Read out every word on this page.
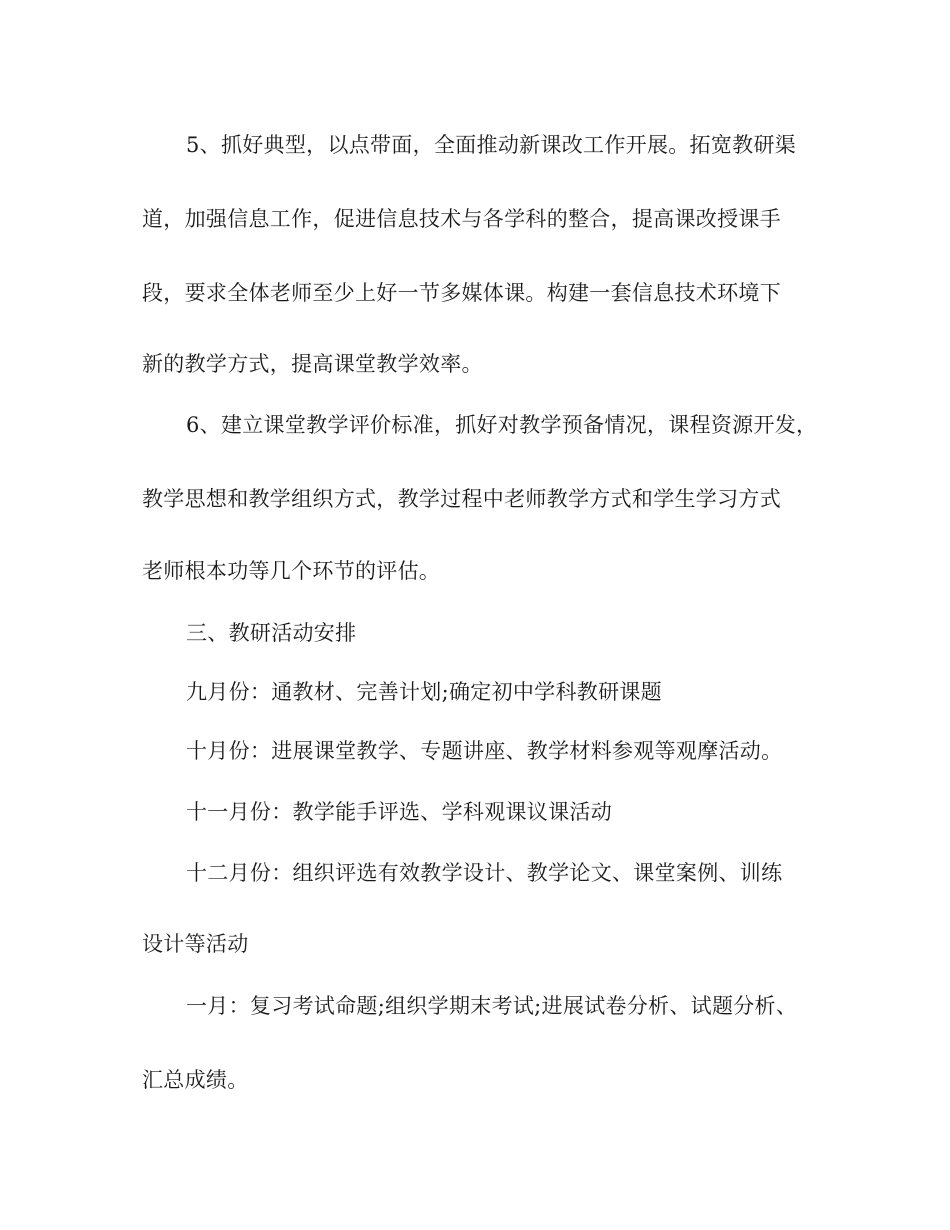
5、抓好典型，以点带面，全面推动新课改工作开展。拓宽教研渠
道，加强信息工作，促进信息技术与各学科的整合，提高课改授课手
段，要求全体老师至少上好一节多媒体课。构建一套信息技术环境下
新的教学方式，提高课堂教学效率。
6、建立课堂教学评价标准，抓好对教学预备情况，课程资源开发，
教学思想和教学组织方式，教学过程中老师教学方式和学生学习方式
老师根本功等几个环节的评估。
三、教研活动安排
九月份：通教材、完善计划;确定初中学科教研课题
十月份：进展课堂教学、专题讲座、教学材料参观等观摩活动。
十一月份：教学能手评选、学科观课议课活动
十二月份：组织评选有效教学设计、教学论文、课堂案例、训练
设计等活动
一月：复习考试命题;组织学期末考试;进展试卷分析、试题分析、
汇总成绩。
